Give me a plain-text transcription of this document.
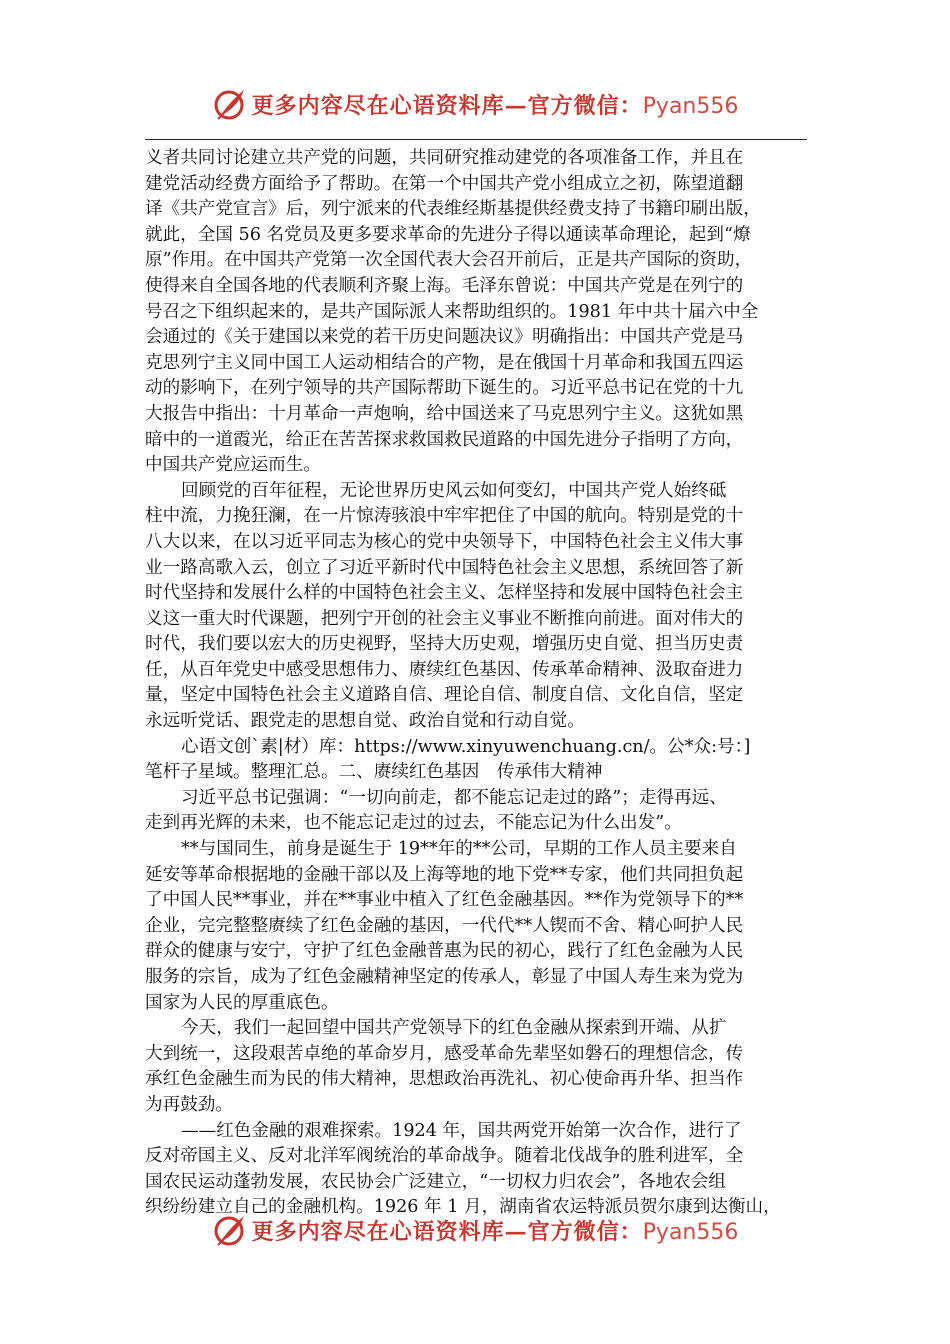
更多内容尽在心语资料库—官方微信：Pyan556

义者共同讨论建立共产党的问题，共同研究推动建党的各项准备工作，并且在
建党活动经费方面给予了帮助。在第一个中国共产党小组成立之初，陈望道翻
译《共产党宣言》后，列宁派来的代表维经斯基提供经费支持了书籍印刷出版，
就此，全国 56 名党员及更多要求革命的先进分子得以通读革命理论，起到“燎
原”作用。在中国共产党第一次全国代表大会召开前后，正是共产国际的资助，
使得来自全国各地的代表顺利齐聚上海。毛泽东曾说：中国共产党是在列宁的
号召之下组织起来的，是共产国际派人来帮助组织的。1981 年中共十届六中全
会通过的《关于建国以来党的若干历史问题决议》明确指出：中国共产党是马
克思列宁主义同中国工人运动相结合的产物，是在俄国十月革命和我国五四运
动的影响下，在列宁领导的共产国际帮助下诞生的。习近平总书记在党的十九
大报告中指出：十月革命一声炮响，给中国送来了马克思列宁主义。这犹如黑
暗中的一道霞光，给正在苦苦探求救国救民道路的中国先进分子指明了方向，
中国共产党应运而生。

回顾党的百年征程，无论世界历史风云如何变幻，中国共产党人始终砥
柱中流，力挽狂澜，在一片惊涛骇浪中牢牢把住了中国的航向。特别是党的十
八大以来，在以习近平同志为核心的党中央领导下，中国特色社会主义伟大事
业一路高歌入云，创立了习近平新时代中国特色社会主义思想，系统回答了新
时代坚持和发展什么样的中国特色社会主义、怎样坚持和发展中国特色社会主
义这一重大时代课题，把列宁开创的社会主义事业不断推向前进。面对伟大的
时代，我们要以宏大的历史视野，坚持大历史观，增强历史自觉、担当历史责
任，从百年党史中感受思想伟力、赓续红色基因、传承革命精神、汲取奋进力
量，坚定中国特色社会主义道路自信、理论自信、制度自信、文化自信，坚定
永远听党话、跟党走的思想自觉、政治自觉和行动自觉。

心语文创`素|材）库：https://www.xinyuwenchuang.cn/。公*众:号：]
笔杆子星域。整理汇总。二、赓续红色基因　传承伟大精神

习近平总书记强调：“一切向前走，都不能忘记走过的路”；走得再远、
走到再光辉的未来，也不能忘记走过的过去，不能忘记为什么出发”。

**与国同生，前身是诞生于 19**年的**公司，早期的工作人员主要来自
延安等革命根据地的金融干部以及上海等地的地下党**专家，他们共同担负起
了中国人民**事业，并在**事业中植入了红色金融基因。**作为党领导下的**
企业，完完整整赓续了红色金融的基因，一代代**人锲而不舍、精心呵护人民
群众的健康与安宁，守护了红色金融普惠为民的初心，践行了红色金融为人民
服务的宗旨，成为了红色金融精神坚定的传承人，彰显了中国人寿生来为党为
国家为人民的厚重底色。

今天，我们一起回望中国共产党领导下的红色金融从探索到开端、从扩
大到统一，这段艰苦卓绝的革命岁月，感受革命先辈坚如磐石的理想信念，传
承红色金融生而为民的伟大精神，思想政治再洗礼、初心使命再升华、担当作
为再鼓劲。

——红色金融的艰难探索。1924 年，国共两党开始第一次合作，进行了
反对帝国主义、反对北洋军阀统治的革命战争。随着北伐战争的胜利进军，全
国农民运动蓬勃发展，农民协会广泛建立，“一切权力归农会”，各地农会组
织纷纷建立自己的金融机构。1926 年 1 月，湖南省农运特派员贺尔康到达衡山，

更多内容尽在心语资料库—官方微信：Pyan556
